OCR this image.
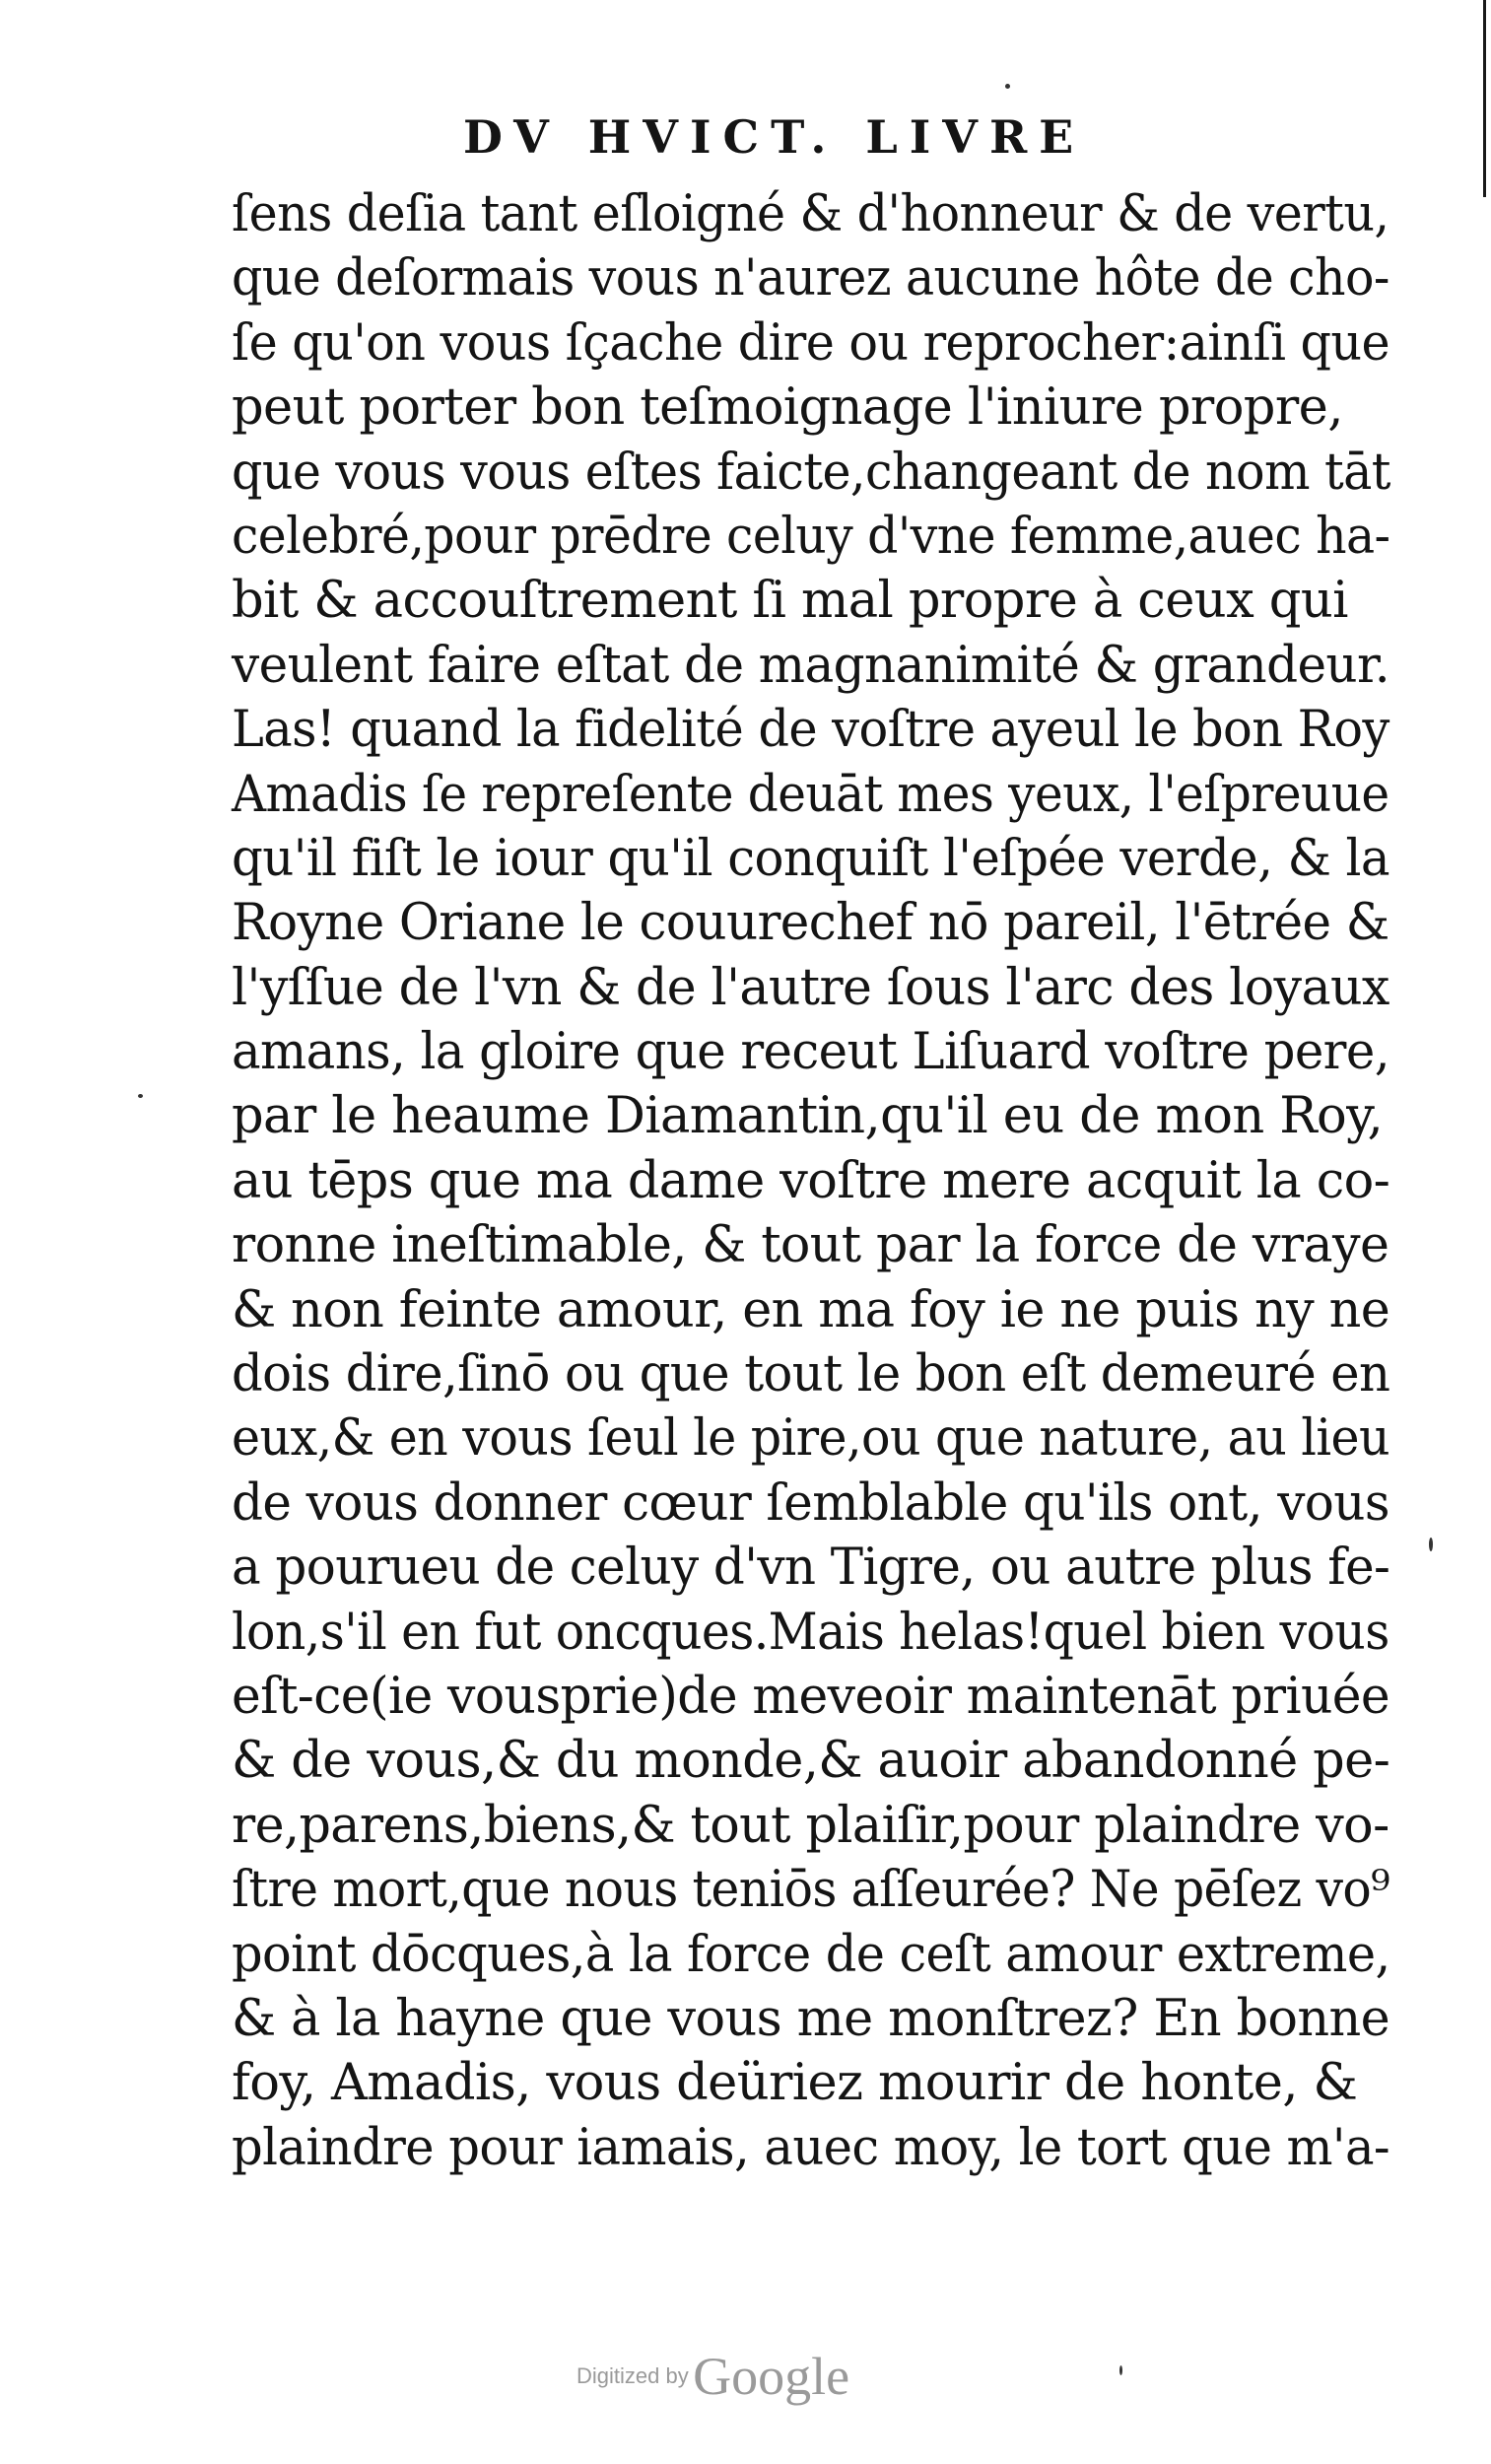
DV HVICT. LIVRE
ſens deſia tant eſloigné & d'honneur & de vertu,
que deſormais vous n'aurez aucune hôte de cho-
ſe qu'on vous ſçache dire ou reprocher:ainſi que
peut porter bon teſmoignage l'iniure propre,
que vous vous eſtes faicte,changeant de nom tāt
celebré,pour prēdre celuy d'vne femme,auec ha-
bit & accouſtrement ſi mal propre à ceux qui
veulent faire eſtat de magnanimité & grandeur.
Las! quand la fidelité de voſtre ayeul le bon Roy
Amadis ſe repreſente deuāt mes yeux, l'eſpreuue
qu'il fiſt le iour qu'il conquiſt l'eſpée verde, & la
Royne Oriane le couurechef nō pareil, l'ētrée &
l'yſſue de l'vn & de l'autre ſous l'arc des loyaux
amans, la gloire que receut Liſuard voſtre pere,
par le heaume Diamantin,qu'il eu de mon Roy,
au tēps que ma dame voſtre mere acquit la co-
ronne ineſtimable, & tout par la force de vraye
& non feinte amour, en ma foy ie ne puis ny ne
dois dire,ſinō ou que tout le bon eſt demeuré en
eux,& en vous ſeul le pire,ou que nature, au lieu
de vous donner cœur ſemblable qu'ils ont, vous
a pourueu de celuy d'vn Tigre, ou autre plus fe-
lon,s'il en fut oncques.Mais helas!quel bien vous
eſt-ce(ie vousprie)de meveoir maintenāt priuée
& de vous,& du monde,& auoir abandonné pe-
re,parens,biens,& tout plaiſir,pour plaindre vo-
ſtre mort,que nous teniōs aſſeurée? Ne pēſez vo⁹
point dōcques,à la force de ceſt amour extreme,
& à la hayne que vous me monſtrez? En bonne
foy, Amadis, vous deüriez mourir de honte, &
plaindre pour iamais, auec moy, le tort que m'a-
Digitized by Google
